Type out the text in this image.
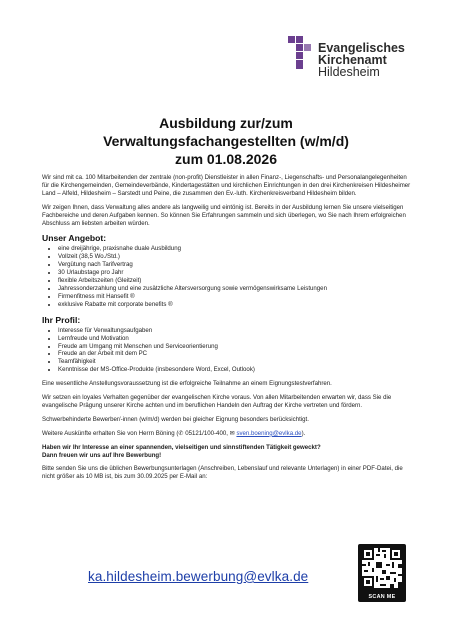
Evangelisches
Kirchenamt
Hildesheim
Ausbildung zur/zum
Verwaltungsfachangestellten (w/m/d)
zum 01.08.2026

Wir sind mit ca. 100 Mitarbeitenden der zentrale (non-profit) Dienstleister in allen Finanz-, Liegenschafts- und Personalangelegenheiten für die Kirchengemeinden, Gemeindeverbände, Kindertagestätten und kirchlichen Einrichtungen in den drei Kirchenkreisen Hildesheimer Land – Alfeld, Hildesheim – Sarstedt und Peine, die zusammen den Ev.-luth. Kirchenkreisverband Hildesheim bilden.

Wir zeigen Ihnen, dass Verwaltung alles andere als langweilig und eintönig ist. Bereits in der Ausbildung lernen Sie unsere vielseitigen Fachbereiche und deren Aufgaben kennen. So können Sie Erfahrungen sammeln und sich überlegen, wo Sie nach Ihrem erfolgreichen Abschluss am liebsten arbeiten würden.

Unser Angebot:
• eine dreijährige, praxisnahe duale Ausbildung
• Vollzeit (38,5 Wo./Std.)
• Vergütung nach Tarifvertrag
• 30 Urlaubstage pro Jahr
• flexible Arbeitszeiten (Gleitzeit)
• Jahressonderzahlung und eine zusätzliche Altersversorgung sowie vermögenswirksame Leistungen
• Firmenfitness mit Hansefit ®
• exklusive Rabatte mit corporate benefits ®
Ihr Profil:
• Interesse für Verwaltungsaufgaben
• Lernfreude und Motivation
• Freude am Umgang mit Menschen und Serviceorientierung
• Freude an der Arbeit mit dem PC
• Teamfähigkeit
• Kenntnisse der MS-Office-Produkte (insbesondere Word, Excel, Outlook)

Eine wesentliche Anstellungsvoraussetzung ist die erfolgreiche Teilnahme an einem Eignungstestverfahren.

Wir setzen ein loyales Verhalten gegenüber der evangelischen Kirche voraus. Von allen Mitarbeitenden erwarten wir, dass Sie die evangelische Prägung unserer Kirche achten und im beruflichen Handeln den Auftrag der Kirche vertreten und fördern.

Schwerbehinderte Bewerber/-innen (w/m/d) werden bei gleicher Eignung besonders berücksichtigt.

Weitere Auskünfte erhalten Sie von Herrn Böning (✆ 05121/100-400, ✉ sven.boening@evlka.de).

Haben wir Ihr Interesse an einer spannenden, vielseitigen und sinnstiftenden Tätigkeit geweckt?
Dann freuen wir uns auf Ihre Bewerbung!

Bitte senden Sie uns die üblichen Bewerbungsunterlagen (Anschreiben, Lebenslauf und relevante Unterlagen) in einer PDF-Datei, die nicht größer als 10 MB ist, bis zum 30.09.2025 per E-Mail an:

ka.hildesheim.bewerbung@evlka.de
SCAN ME
